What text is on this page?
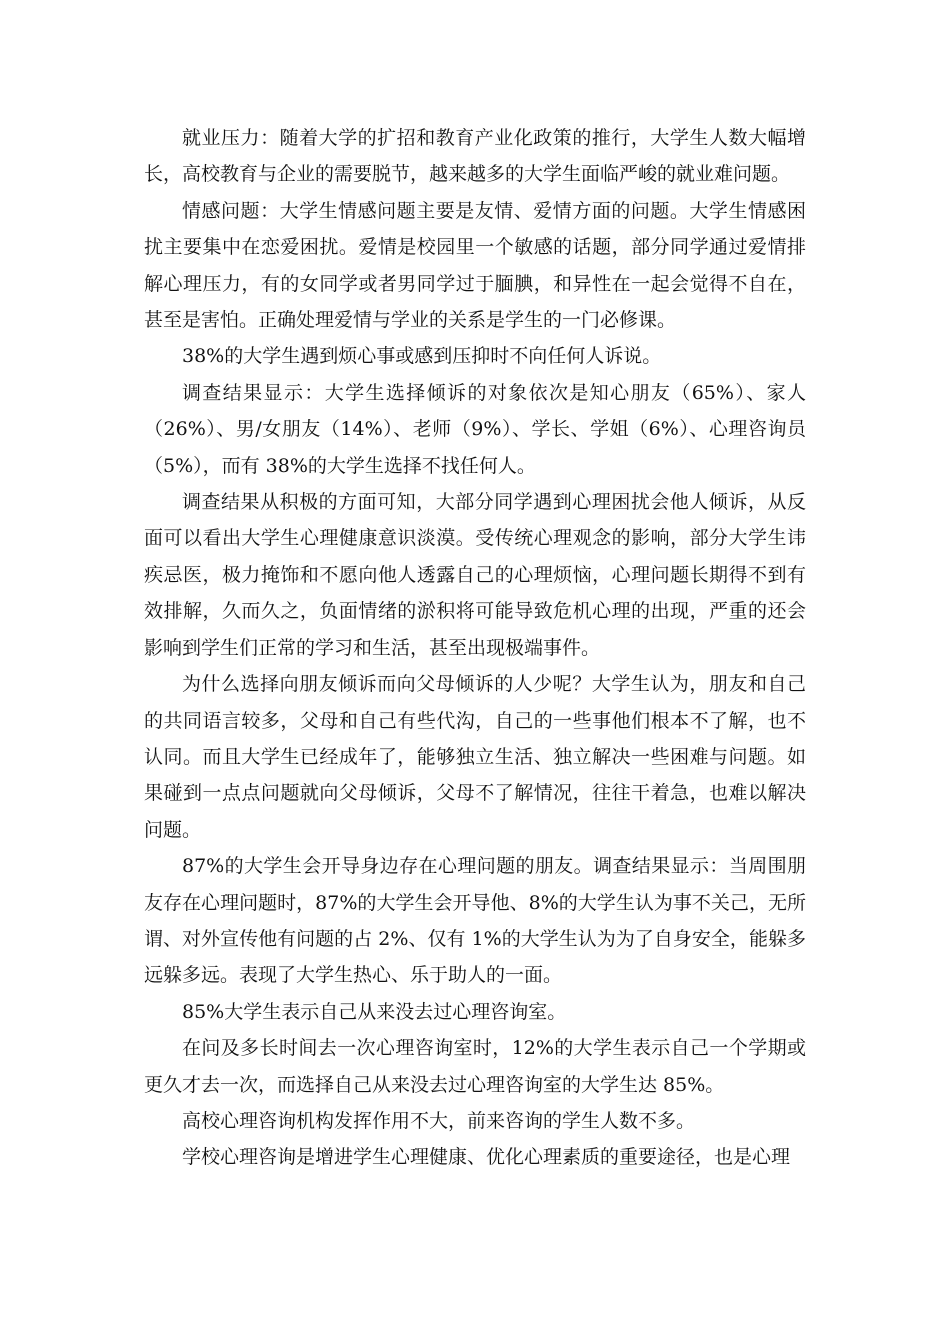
就业压力：随着大学的扩招和教育产业化政策的推行，大学生人数大幅增长，高校教育与企业的需要脱节，越来越多的大学生面临严峻的就业难问题。

情感问题：大学生情感问题主要是友情、爱情方面的问题。大学生情感困扰主要集中在恋爱困扰。爱情是校园里一个敏感的话题，部分同学通过爱情排解心理压力，有的女同学或者男同学过于腼腆，和异性在一起会觉得不自在，甚至是害怕。正确处理爱情与学业的关系是学生的一门必修课。

38%的大学生遇到烦心事或感到压抑时不向任何人诉说。

调查结果显示：大学生选择倾诉的对象依次是知心朋友（65%）、家人（26%）、男/女朋友（14%）、老师（9%）、学长、学姐（6%）、心理咨询员（5%），而有 38%的大学生选择不找任何人。

调查结果从积极的方面可知，大部分同学遇到心理困扰会他人倾诉，从反面可以看出大学生心理健康意识淡漠。受传统心理观念的影响，部分大学生讳疾忌医，极力掩饰和不愿向他人透露自己的心理烦恼，心理问题长期得不到有效排解，久而久之，负面情绪的淤积将可能导致危机心理的出现，严重的还会影响到学生们正常的学习和生活，甚至出现极端事件。

为什么选择向朋友倾诉而向父母倾诉的人少呢？大学生认为，朋友和自己的共同语言较多，父母和自己有些代沟，自己的一些事他们根本不了解，也不认同。而且大学生已经成年了，能够独立生活、独立解决一些困难与问题。如果碰到一点点问题就向父母倾诉，父母不了解情况，往往干着急，也难以解决问题。

87%的大学生会开导身边存在心理问题的朋友。调查结果显示：当周围朋友存在心理问题时，87%的大学生会开导他、8%的大学生认为事不关己，无所谓、对外宣传他有问题的占 2%、仅有 1%的大学生认为为了自身安全，能躲多远躲多远。表现了大学生热心、乐于助人的一面。

85%大学生表示自己从来没去过心理咨询室。

在问及多长时间去一次心理咨询室时，12%的大学生表示自己一个学期或更久才去一次，而选择自己从来没去过心理咨询室的大学生达 85%。

高校心理咨询机构发挥作用不大，前来咨询的学生人数不多。

学校心理咨询是增进学生心理健康、优化心理素质的重要途径，也是心理
